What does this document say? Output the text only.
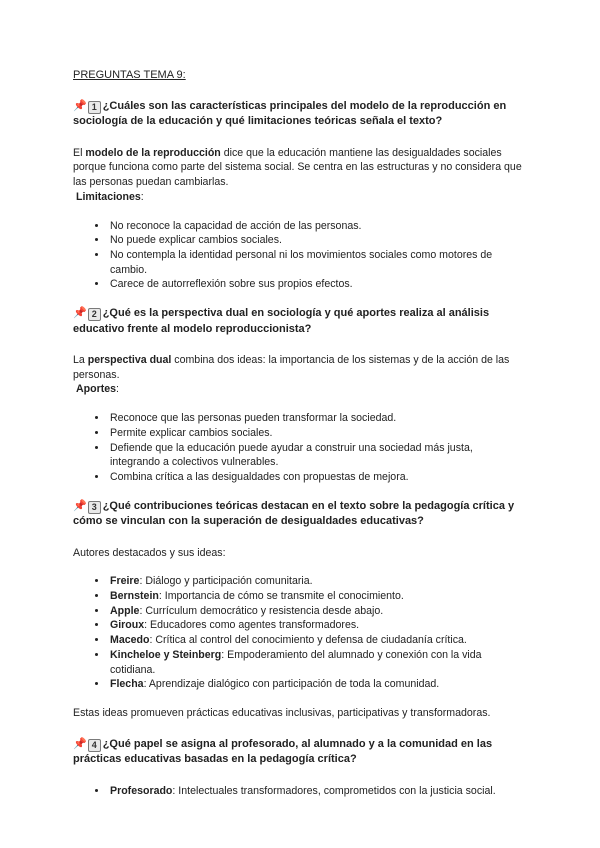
PREGUNTAS TEMA 9:
📌 1 ¿Cuáles son las características principales del modelo de la reproducción en sociología de la educación y qué limitaciones teóricas señala el texto?

El modelo de la reproducción dice que la educación mantiene las desigualdades sociales porque funciona como parte del sistema social. Se centra en las estructuras y no considera que las personas puedan cambiarlas.

Limitaciones:

• No reconoce la capacidad de acción de las personas.
• No puede explicar cambios sociales.
• No contempla la identidad personal ni los movimientos sociales como motores de cambio.
• Carece de autorreflexión sobre sus propios efectos.
📌 2 ¿Qué es la perspectiva dual en sociología y qué aportes realiza al análisis educativo frente al modelo reproduccionista?

La perspectiva dual combina dos ideas: la importancia de los sistemas y de la acción de las personas.

Aportes:

• Reconoce que las personas pueden transformar la sociedad.
• Permite explicar cambios sociales.
• Defiende que la educación puede ayudar a construir una sociedad más justa, integrando a colectivos vulnerables.
• Combina crítica a las desigualdades con propuestas de mejora.
📌 3 ¿Qué contribuciones teóricas destacan en el texto sobre la pedagogía crítica y cómo se vinculan con la superación de desigualdades educativas?

Autores destacados y sus ideas:

• Freire: Diálogo y participación comunitaria.
• Bernstein: Importancia de cómo se transmite el conocimiento.
• Apple: Currículum democrático y resistencia desde abajo.
• Giroux: Educadores como agentes transformadores.
• Macedo: Crítica al control del conocimiento y defensa de ciudadanía crítica.
• Kincheloe y Steinberg: Empoderamiento del alumnado y conexión con la vida cotidiana.
• Flecha: Aprendizaje dialógico con participación de toda la comunidad.

Estas ideas promueven prácticas educativas inclusivas, participativas y transformadoras.

📌 4 ¿Qué papel se asigna al profesorado, al alumnado y a la comunidad en las prácticas educativas basadas en la pedagogía crítica?
• Profesorado: Intelectuales transformadores, comprometidos con la justicia social.
